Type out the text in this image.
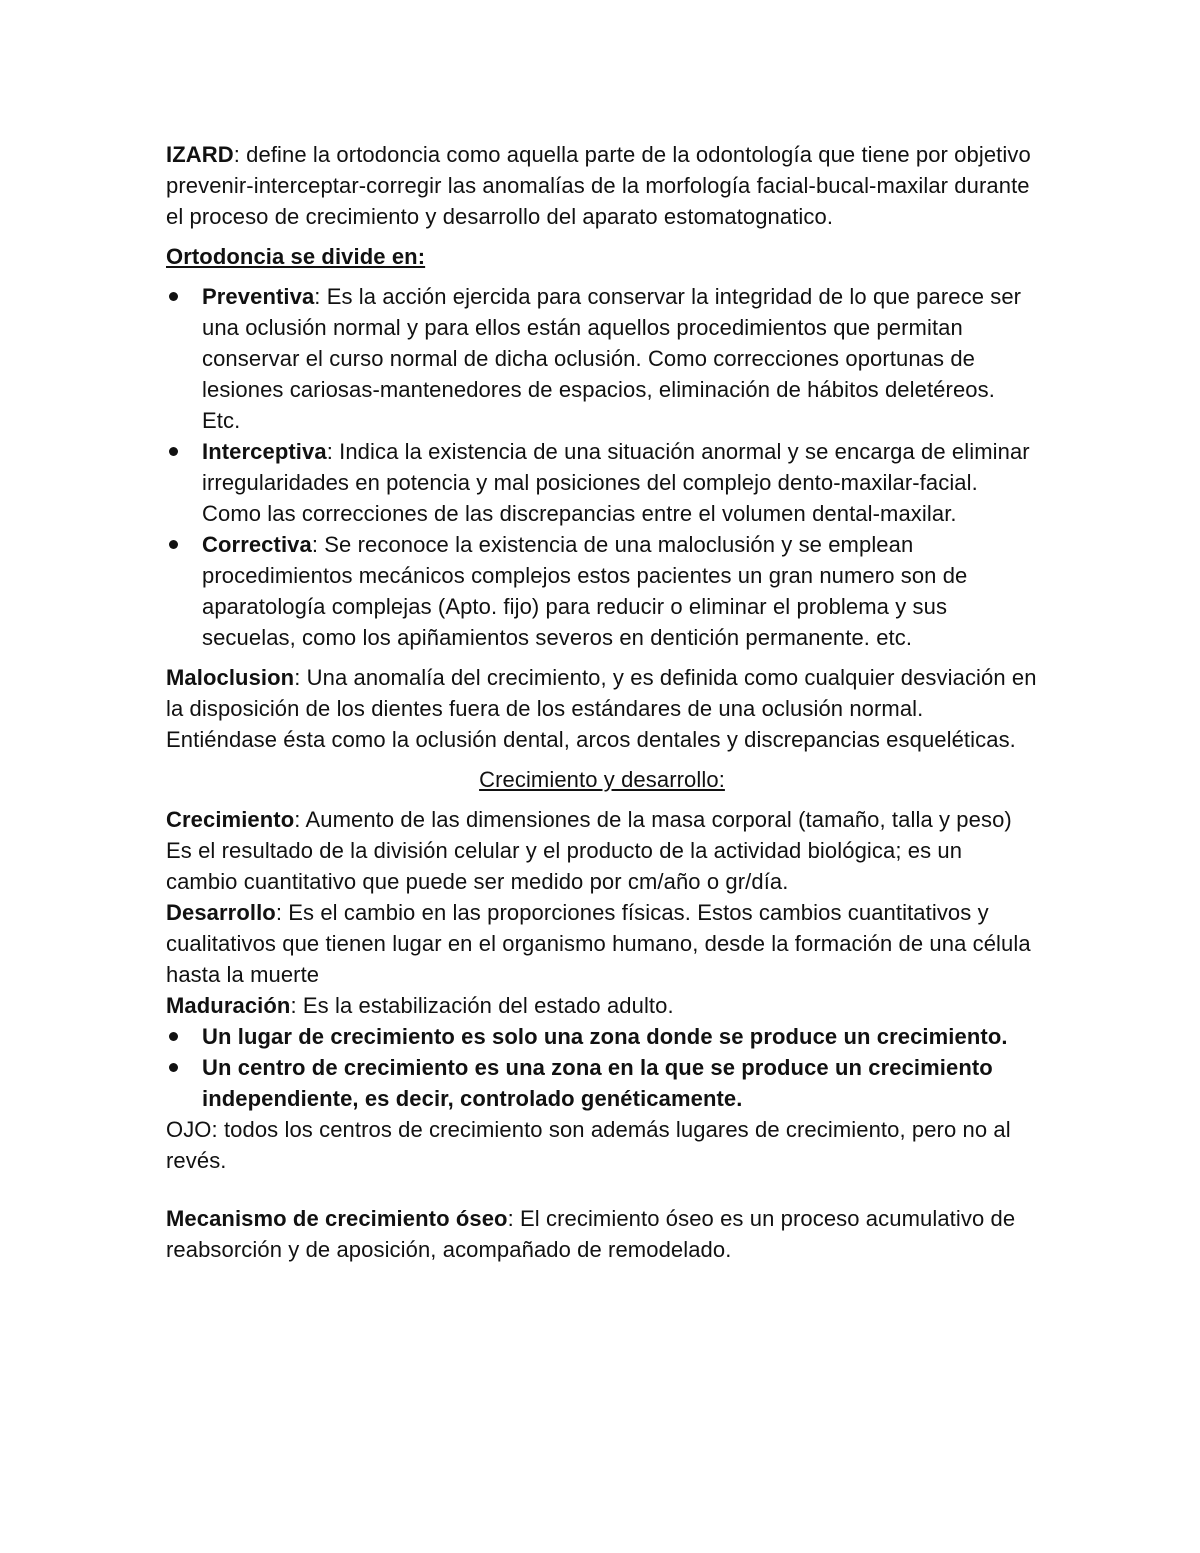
IZARD: define la ortodoncia como aquella parte de la odontología que tiene por objetivo prevenir-interceptar-corregir las anomalías de la morfología facial-bucal-maxilar durante el proceso de crecimiento y desarrollo del aparato estomatognatico.

Ortodoncia se divide en:

Preventiva: Es la acción ejercida para conservar la integridad de lo que parece ser una oclusión normal y para ellos están aquellos procedimientos que permitan conservar el curso normal de dicha oclusión. Como correcciones oportunas de lesiones cariosas-mantenedores de espacios, eliminación de hábitos deletéreos. Etc.
Interceptiva: Indica la existencia de una situación anormal y se encarga de eliminar irregularidades en potencia y mal posiciones del complejo dento-maxilar-facial. Como las correcciones de las discrepancias entre el volumen dental-maxilar.
Correctiva: Se reconoce la existencia de una maloclusión y se emplean procedimientos mecánicos complejos estos pacientes un gran numero son de aparatología complejas (Apto. fijo) para reducir o eliminar el problema y sus secuelas, como los apiñamientos severos en dentición permanente. etc.

Maloclusion: Una anomalía del crecimiento, y es definida como cualquier desviación en la disposición de los dientes fuera de los estándares de una oclusión normal. Entiéndase ésta como la oclusión dental, arcos dentales y discrepancias esqueléticas.

Crecimiento y desarrollo:

Crecimiento: Aumento de las dimensiones de la masa corporal (tamaño, talla y peso) Es el resultado de la división celular y el producto de la actividad biológica; es un cambio cuantitativo que puede ser medido por cm/año o gr/día.

Desarrollo: Es el cambio en las proporciones físicas. Estos cambios cuantitativos y cualitativos que tienen lugar en el organismo humano, desde la formación de una célula hasta la muerte

Maduración: Es la estabilización del estado adulto.

Un lugar de crecimiento es solo una zona donde se produce un crecimiento.
Un centro de crecimiento es una zona en la que se produce un crecimiento independiente, es decir, controlado genéticamente.

OJO: todos los centros de crecimiento son además lugares de crecimiento, pero no al revés.

Mecanismo de crecimiento óseo: El crecimiento óseo es un proceso acumulativo de reabsorción y de aposición, acompañado de remodelado.
